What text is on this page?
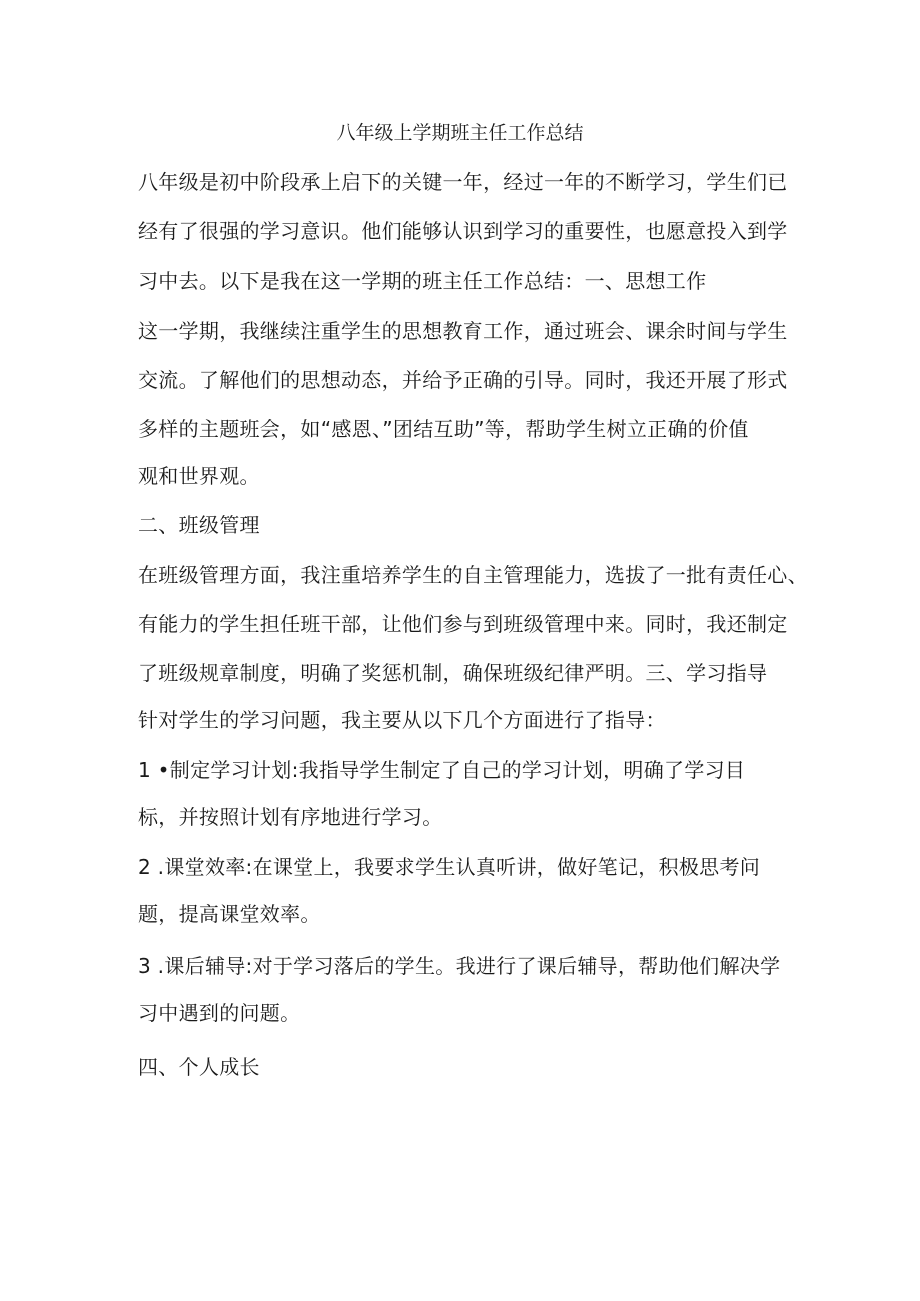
八年级上学期班主任工作总结
八年级是初中阶段承上启下的关键一年，经过一年的不断学习，学生们已
经有了很强的学习意识。他们能够认识到学习的重要性，也愿意投入到学
习中去。以下是我在这一学期的班主任工作总结：一、思想工作
这一学期，我继续注重学生的思想教育工作，通过班会、课余时间与学生
交流。了解他们的思想动态，并给予正确的引导。同时，我还开展了形式
多样的主题班会，如“感恩、”团结互助”等，帮助学生树立正确的价值
观和世界观。
二、班级管理
在班级管理方面，我注重培养学生的自主管理能力，选拔了一批有责任心、
有能力的学生担任班干部，让他们参与到班级管理中来。同时，我还制定
了班级规章制度，明确了奖惩机制，确保班级纪律严明。三、学习指导
针对学生的学习问题，我主要从以下几个方面进行了指导：
1 •制定学习计划:我指导学生制定了自己的学习计划，明确了学习目
标，并按照计划有序地进行学习。
2 .课堂效率:在课堂上，我要求学生认真听讲，做好笔记，积极思考问
题，提高课堂效率。
3 .课后辅导:对于学习落后的学生。我进行了课后辅导，帮助他们解决学
习中遇到的问题。
四、个人成长
